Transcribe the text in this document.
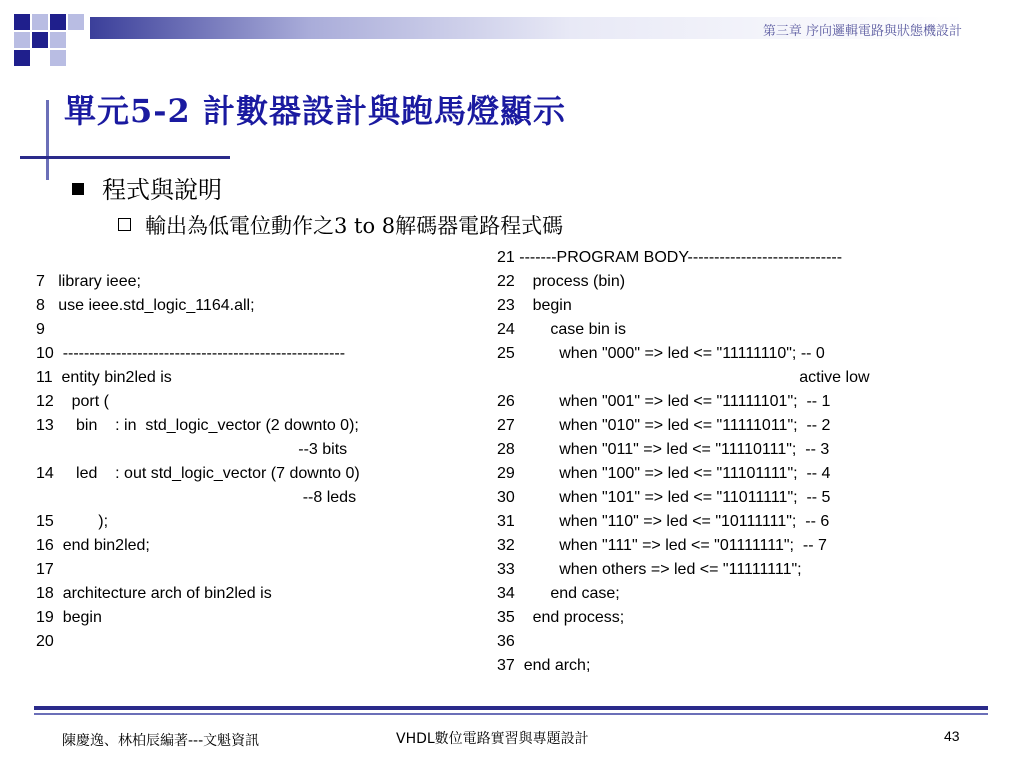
第三章 序向邏輯電路與狀態機設計
單元5-2 計數器設計與跑馬燈顯示
程式與說明
輸出為低電位動作之3 to 8解碼器電路程式碼
7   library ieee;
8   use ieee.std_logic_1164.all;
9
10  -----------------------------------------------------
11  entity bin2led is
12    port (
13     bin    : in  std_logic_vector (2 downto 0);
--3 bits
14     led    : out std_logic_vector (7 downto 0)
--8 leds
15          );
16  end bin2led;
17
18  architecture arch of bin2led is
19  begin
20
21 -------PROGRAM BODY-----------------------------
22    process (bin)
23    begin
24        case bin is
25          when "000" => led <= "11111110"; -- 0
active low
26          when "001" => led <= "11111101";  -- 1
27          when "010" => led <= "11111011";  -- 2
28          when "011" => led <= "11110111";  -- 3
29          when "100" => led <= "11101111";  -- 4
30          when "101" => led <= "11011111";  -- 5
31          when "110" => led <= "10111111";  -- 6
32          when "111" => led <= "01111111";  -- 7
33          when others => led <= "11111111";
34        end case;
35    end process;
36
37  end arch;
陳慶逸、林柏辰編著---文魁資訊	VHDL數位電路實習與專題設計	43
